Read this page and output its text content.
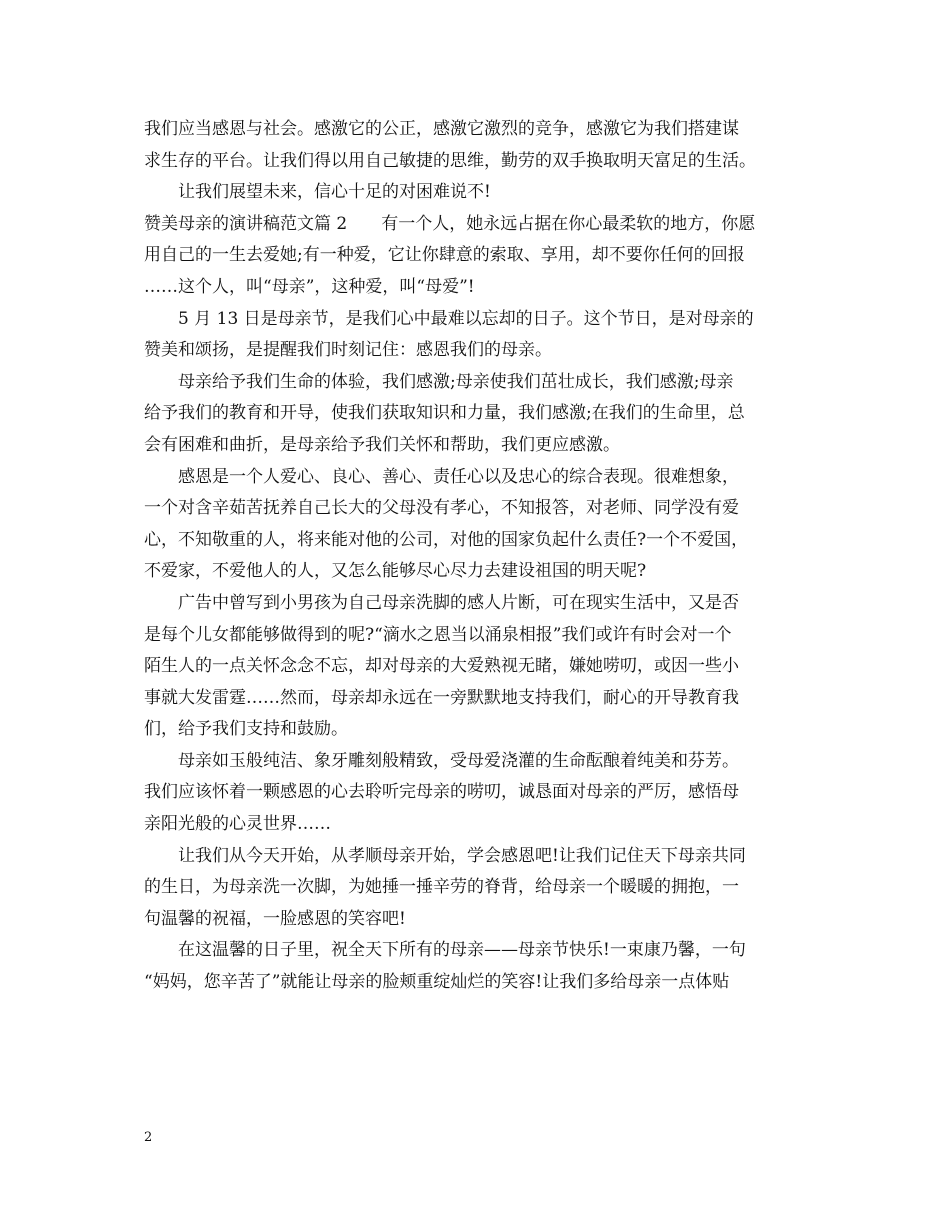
我们应当感恩与社会。感激它的公正，感激它激烈的竞争，感激它为我们搭建谋
求生存的平台。让我们得以用自己敏捷的思维，勤劳的双手换取明天富足的生活。
让我们展望未来，信心十足的对困难说不!
赞美母亲的演讲稿范文篇 2　　有一个人，她永远占据在你心最柔软的地方，你愿
用自己的一生去爱她;有一种爱，它让你肆意的索取、享用，却不要你任何的回报
……这个人，叫“母亲”，这种爱，叫“母爱”!
5 月 13 日是母亲节，是我们心中最难以忘却的日子。这个节日，是对母亲的
赞美和颂扬，是提醒我们时刻记住：感恩我们的母亲。
母亲给予我们生命的体验，我们感激;母亲使我们茁壮成长，我们感激;母亲
给予我们的教育和开导，使我们获取知识和力量，我们感激;在我们的生命里，总
会有困难和曲折，是母亲给予我们关怀和帮助，我们更应感激。
感恩是一个人爱心、良心、善心、责任心以及忠心的综合表现。很难想象，
一个对含辛茹苦抚养自己长大的父母没有孝心，不知报答，对老师、同学没有爱
心，不知敬重的人，将来能对他的公司，对他的国家负起什么责任?一个不爱国，
不爱家，不爱他人的人，又怎么能够尽心尽力去建设祖国的明天呢?
广告中曾写到小男孩为自己母亲洗脚的感人片断，可在现实生活中，又是否
是每个儿女都能够做得到的呢?“滴水之恩当以涌泉相报”我们或许有时会对一个
陌生人的一点关怀念念不忘，却对母亲的大爱熟视无睹，嫌她唠叨，或因一些小
事就大发雷霆……然而，母亲却永远在一旁默默地支持我们，耐心的开导教育我
们，给予我们支持和鼓励。
母亲如玉般纯洁、象牙雕刻般精致，受母爱浇灌的生命酝酿着纯美和芬芳。
我们应该怀着一颗感恩的心去聆听完母亲的唠叨，诚恳面对母亲的严厉，感悟母
亲阳光般的心灵世界……
让我们从今天开始，从孝顺母亲开始，学会感恩吧!让我们记住天下母亲共同
的生日，为母亲洗一次脚，为她捶一捶辛劳的脊背，给母亲一个暖暖的拥抱，一
句温馨的祝福，一脸感恩的笑容吧!
在这温馨的日子里，祝全天下所有的母亲——母亲节快乐!一束康乃馨，一句
“妈妈，您辛苦了”就能让母亲的脸颊重绽灿烂的笑容!让我们多给母亲一点体贴
2
